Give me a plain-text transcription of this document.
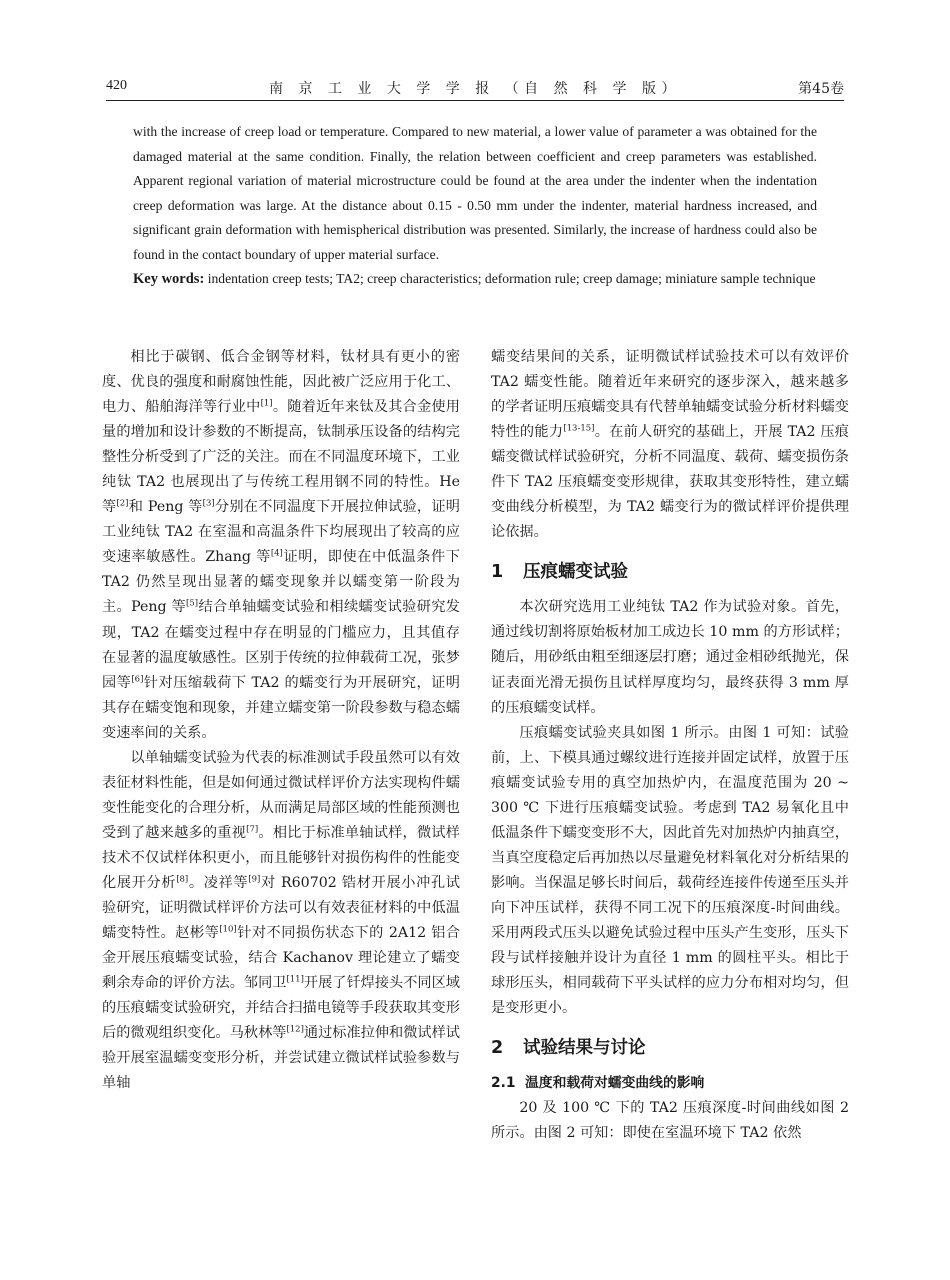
420	南 京 工 业 大 学 学 报 （自 然 科 学 版）	第45卷

with the increase of creep load or temperature. Compared to new material, a lower value of parameter a was obtained for the damaged material at the same condition. Finally, the relation between coefficient and creep parameters was established. Apparent regional variation of material microstructure could be found at the area under the indenter when the indentation creep deformation was large. At the distance about 0.15 - 0.50 mm under the indenter, material hardness increased, and significant grain deformation with hemispherical distribution was presented. Similarly, the increase of hardness could also be found in the contact boundary of upper material surface.

Key words: indentation creep tests; TA2; creep characteristics; deformation rule; creep damage; miniature sample technique

相比于碳钢、低合金钢等材料，钛材具有更小的密度、优良的强度和耐腐蚀性能，因此被广泛应用于化工、电力、船舶海洋等行业中[1]。随着近年来钛及其合金使用量的增加和设计参数的不断提高，钛制承压设备的结构完整性分析受到了广泛的关注。而在不同温度环境下，工业纯钛 TA2 也展现出了与传统工程用钢不同的特性。He 等[2]和 Peng 等[3]分别在不同温度下开展拉伸试验，证明工业纯钛 TA2 在室温和高温条件下均展现出了较高的应变速率敏感性。Zhang 等[4]证明，即使在中低温条件下 TA2 仍然呈现出显著的蠕变现象并以蠕变第一阶段为主。Peng 等[5]结合单轴蠕变试验和相续蠕变试验研究发现，TA2 在蠕变过程中存在明显的门槛应力，且其值存在显著的温度敏感性。区别于传统的拉伸载荷工况，张梦园等[6]针对压缩载荷下 TA2 的蠕变行为开展研究，证明其存在蠕变饱和现象，并建立蠕变第一阶段参数与稳态蠕变速率间的关系。

以单轴蠕变试验为代表的标准测试手段虽然可以有效表征材料性能，但是如何通过微试样评价方法实现构件蠕变性能变化的合理分析，从而满足局部区域的性能预测也受到了越来越多的重视[7]。相比于标准单轴试样，微试样技术不仅试样体积更小，而且能够针对损伤构件的性能变化展开分析[8]。凌祥等[9]对 R60702 锆材开展小冲孔试验研究，证明微试样评价方法可以有效表征材料的中低温蠕变特性。赵彬等[10]针对不同损伤状态下的 2A12 铝合金开展压痕蠕变试验，结合 Kachanov 理论建立了蠕变剩余寿命的评价方法。邹同卫[11]开展了钎焊接头不同区域的压痕蠕变试验研究，并结合扫描电镜等手段获取其变形后的微观组织变化。马秋林等[12]通过标准拉伸和微试样试验开展室温蠕变变形分析，并尝试建立微试样试验参数与单轴

蠕变结果间的关系，证明微试样试验技术可以有效评价 TA2 蠕变性能。随着近年来研究的逐步深入，越来越多的学者证明压痕蠕变具有代替单轴蠕变试验分析材料蠕变特性的能力[13-15]。在前人研究的基础上，开展 TA2 压痕蠕变微试样试验研究，分析不同温度、载荷、蠕变损伤条件下 TA2 压痕蠕变变形规律，获取其变形特性，建立蠕变曲线分析模型，为 TA2 蠕变行为的微试样评价提供理论依据。

1 压痕蠕变试验

本次研究选用工业纯钛 TA2 作为试验对象。首先，通过线切割将原始板材加工成边长 10 mm 的方形试样；随后，用砂纸由粗至细逐层打磨；通过金相砂纸抛光，保证表面光滑无损伤且试样厚度均匀，最终获得 3 mm 厚的压痕蠕变试样。

压痕蠕变试验夹具如图 1 所示。由图 1 可知：试验前，上、下模具通过螺纹进行连接并固定试样，放置于压痕蠕变试验专用的真空加热炉内，在温度范围为 20 ~ 300 ℃ 下进行压痕蠕变试验。考虑到 TA2 易氧化且中低温条件下蠕变变形不大，因此首先对加热炉内抽真空，当真空度稳定后再加热以尽量避免材料氧化对分析结果的影响。当保温足够长时间后，载荷经连接件传递至压头并向下冲压试样，获得不同工况下的压痕深度-时间曲线。采用两段式压头以避免试验过程中压头产生变形，压头下段与试样接触并设计为直径 1 mm 的圆柱平头。相比于球形压头，相同载荷下平头试样的应力分布相对均匀，但是变形更小。

2 试验结果与讨论
2.1 温度和载荷对蠕变曲线的影响

20 及 100 ℃ 下的 TA2 压痕深度-时间曲线如图 2 所示。由图 2 可知：即使在室温环境下 TA2 依然
